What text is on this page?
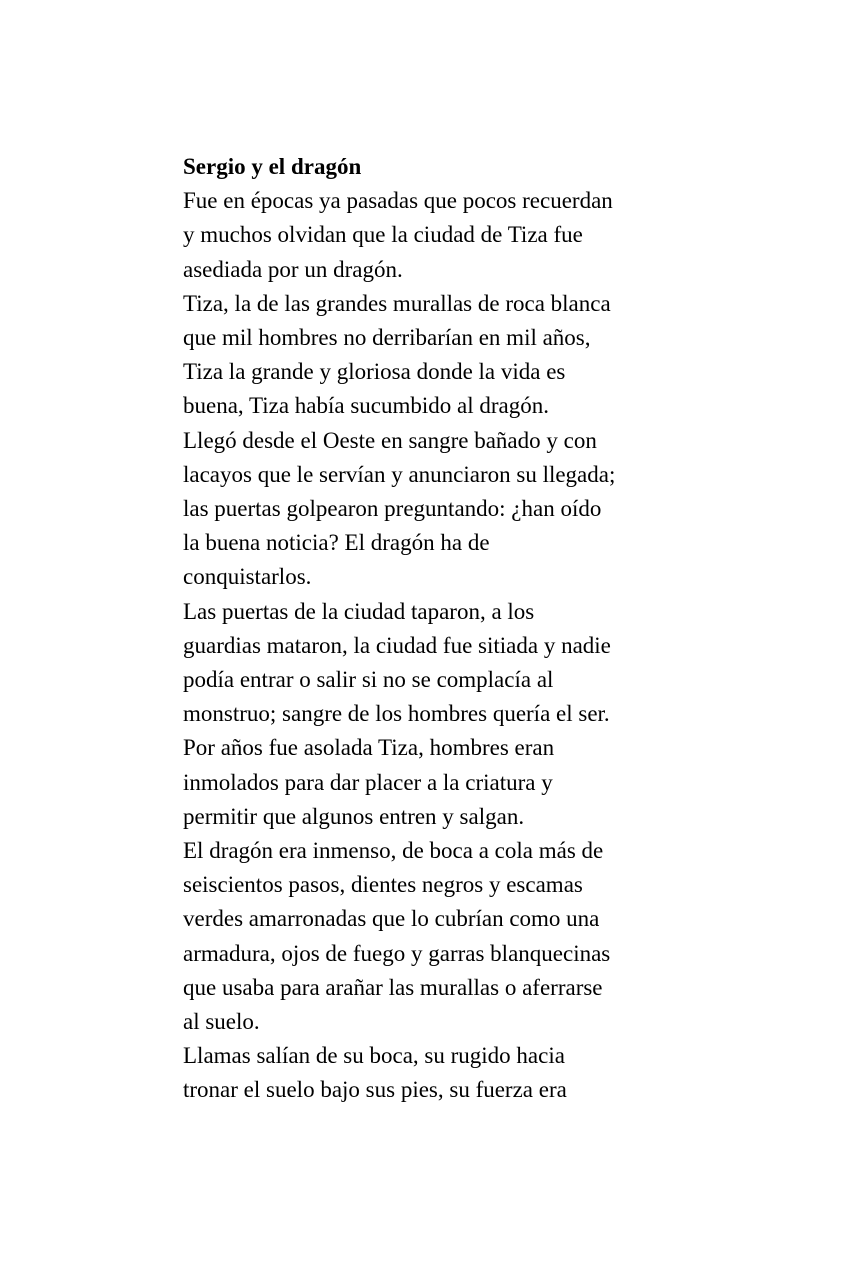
Sergio y el dragón
Fue en épocas ya pasadas que pocos recuerdan
y muchos olvidan que la ciudad de Tiza fue
asediada por un dragón.
Tiza, la de las grandes murallas de roca blanca
que mil hombres no derribarían en mil años,
Tiza la grande y gloriosa donde la vida es
buena, Tiza había sucumbido al dragón.
Llegó desde el Oeste en sangre bañado y con
lacayos que le servían y anunciaron su llegada;
las puertas golpearon preguntando: ¿han oído
la buena noticia? El dragón ha de
conquistarlos.
Las puertas de la ciudad taparon, a los
guardias mataron, la ciudad fue sitiada y nadie
podía entrar o salir si no se complacía al
monstruo; sangre de los hombres quería el ser.
Por años fue asolada Tiza, hombres eran
inmolados para dar placer a la criatura y
permitir que algunos entren y salgan.
El dragón era inmenso, de boca a cola más de
seiscientos pasos, dientes negros y escamas
verdes amarronadas que lo cubrían como una
armadura, ojos de fuego y garras blanquecinas
que usaba para arañar las murallas o aferrarse
al suelo.
Llamas salían de su boca, su rugido hacia
tronar el suelo bajo sus pies, su fuerza era
